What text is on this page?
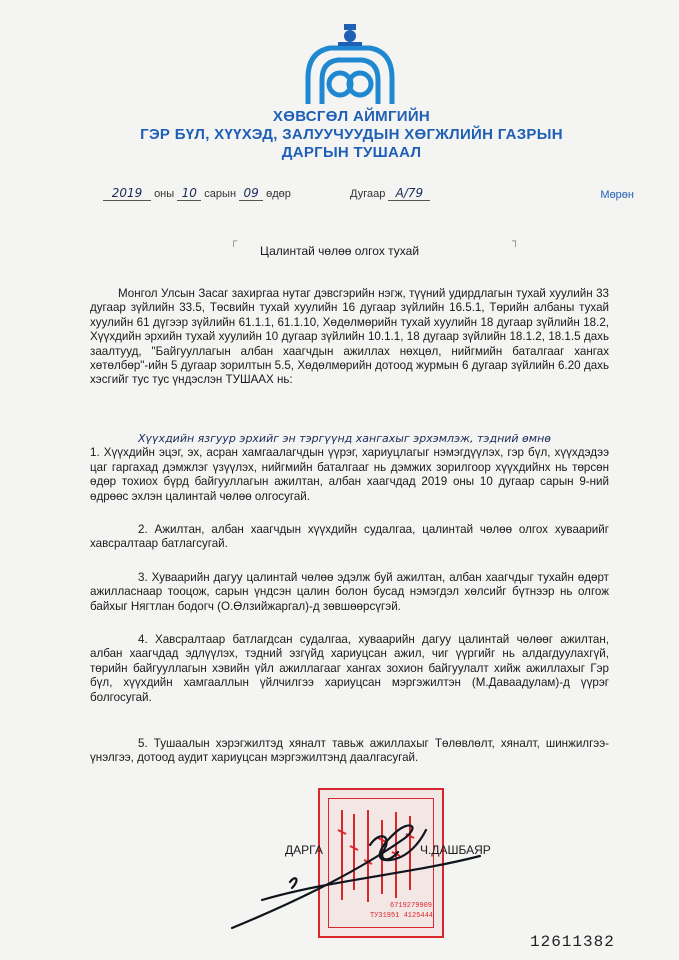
ХӨВСГӨЛ АЙМГИЙН
ГЭР БҮЛ, ХҮҮХЭД, ЗАЛУУЧУУДЫН ХӨГЖЛИЙН ГАЗРЫН
ДАРГЫН ТУШААЛ
2019 оны 10 сарын 09 өдөр	Дугаар А/79	Мөрөн
┌	┐
Цалинтай чөлөө олгох тухай

Монгол Улсын Засаг захиргаа нутаг дэвсгэрийн нэгж, түүний удирдлагын тухай хуулийн 33 дугаар зүйлийн 33.5, Төсвийн тухай хуулийн 16 дугаар зүйлийн 16.5.1, Төрийн албаны тухай хуулийн 61 дүгээр зүйлийн 61.1.1, 61.1.10, Хөдөлмөрийн тухай хуулийн 18 дугаар зүйлийн 18.2, Хүүхдийн эрхийн тухай хуулийн 10 дугаар зүйлийн 10.1.1, 18 дугаар зүйлийн 18.1.2, 18.1.5 дахь заалтууд, "Байгууллагын албан хаагчдын ажиллах нөхцөл, нийгмийн баталгааг хангах хөтөлбөр"-ийн 5 дугаар зорилтын 5.5, Хөдөлмөрийн дотоод журмын 6 дугаар зүйлийн 6.20 дахь хэсгийг тус тус үндэслэн ТУШААХ нь:

Хүүхдийн язгуур эрхийг эн тэргүүнд хангахыг эрхэмлэж, тэдний өмнө

1. Хүүхдийн эцэг, эх, асран хамгаалагчдын үүрэг, хариуцлагыг нэмэгдүүлэх, гэр бүл, хүүхдэдээ цаг гаргахад дэмжлэг үзүүлэх, нийгмийн баталгааг нь дэмжих зорилгоор хүүхдийнх нь төрсөн өдөр тохиох бүрд байгууллагын ажилтан, албан хаагчдад 2019 оны 10 дугаар сарын 9-ний өдрөөс эхлэн цалинтай чөлөө олгосугай.

2. Ажилтан, албан хаагчдын хүүхдийн судалгаа, цалинтай чөлөө олгох хуваарийг хавсралтаар батлагсугай.

3. Хуваарийн дагуу цалинтай чөлөө эдэлж буй ажилтан, албан хаагчдыг тухайн өдөрт ажилласнаар тооцож, сарын үндсэн цалин болон бусад нэмэгдэл хөлсийг бүтнээр нь олгож байхыг Нягтлан бодогч (О.Өлзийжаргал)-д зөвшөөрсүгэй.

4. Хавсралтаар батлагдсан судалгаа, хуваарийн дагуу цалинтай чөлөөг ажилтан, албан хаагчдад эдлүүлэх, тэдний эзгүйд хариуцсан ажил, чиг үүргийг нь алдагдуулахгүй, төрийн байгууллагын хэвийн үйл ажиллагааг хангах зохион байгуулалт хийж ажиллахыг Гэр бүл, хүүхдийн хамгааллын үйлчилгээ хариуцсан мэргэжилтэн (М.Даваадулам)-д үүрэг болгосугай.

5. Тушаалын хэрэгжилтэд хяналт тавьж ажиллахыг Төлөвлөлт, хяналт, шинжилгээ- үнэлгээ, дотоод аудит хариуцсан мэргэжилтэнд даалгасугай.

6719279909
ТУ31951 4125444
ДАРГА	Ч.ДАШБАЯР
12611382
